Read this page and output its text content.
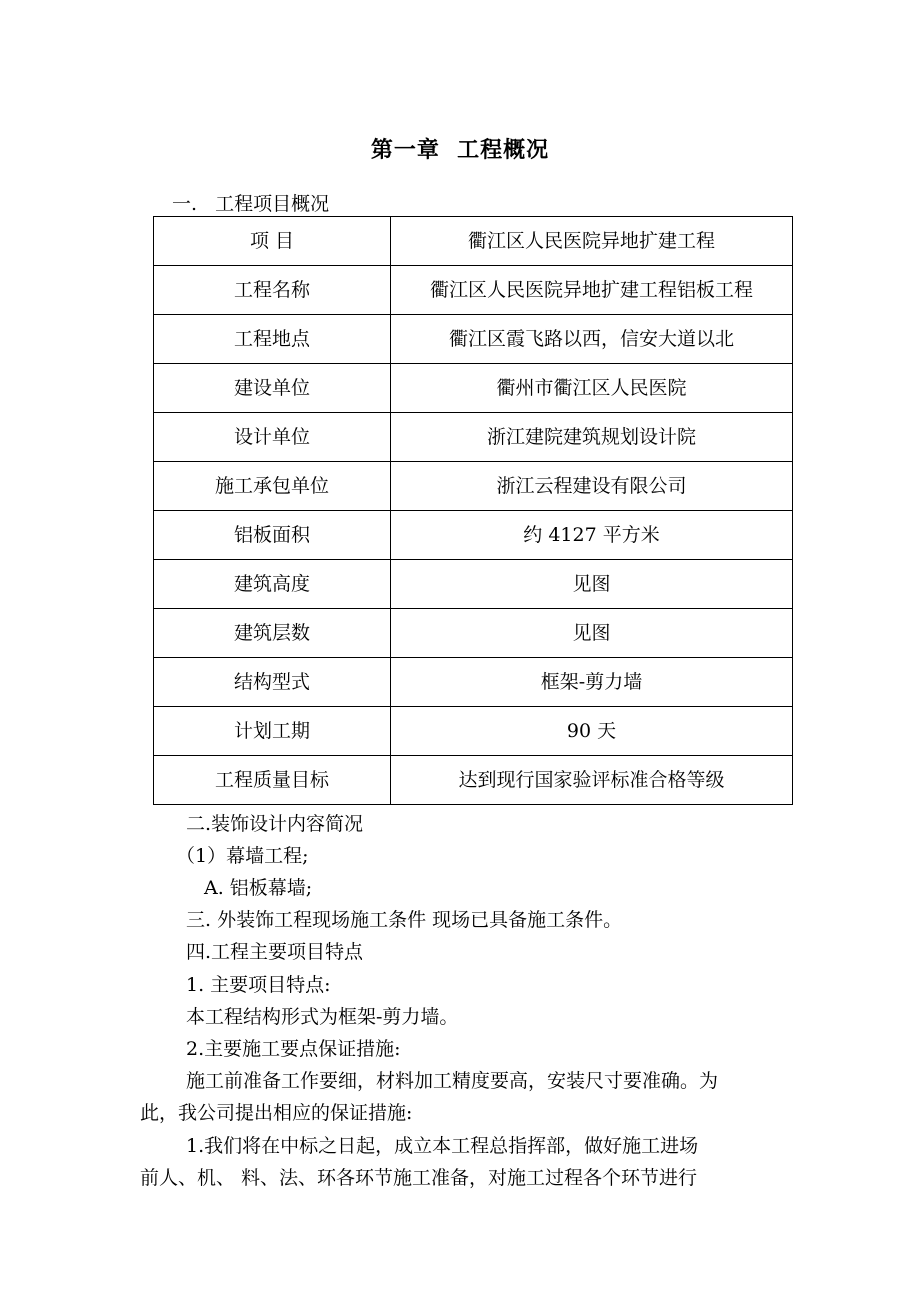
第一章  工程概况
一.   工程项目概况
项 目	衢江区人民医院异地扩建工程
工程名称	衢江区人民医院异地扩建工程铝板工程
工程地点	衢江区霞飞路以西，信安大道以北
建设单位	衢州市衢江区人民医院
设计单位	浙江建院建筑规划设计院
施工承包单位	浙江云程建设有限公司
铝板面积	约 4127 平方米
建筑高度	见图
建筑层数	见图
结构型式	框架-剪力墙
计划工期	90 天
工程质量目标	达到现行国家验评标准合格等级
二.装饰设计内容简况
（1）幕墙工程;
A. 铝板幕墙;
三. 外装饰工程现场施工条件 现场已具备施工条件。
四.工程主要项目特点
1. 主要项目特点:
本工程结构形式为框架-剪力墙。
2.主要施工要点保证措施:
施工前准备工作要细，材料加工精度要高，安装尺寸要准确。为
此，我公司提出相应的保证措施:
1.我们将在中标之日起，成立本工程总指挥部，做好施工进场
前人、机、 料、法、环各环节施工准备，对施工过程各个环节进行
